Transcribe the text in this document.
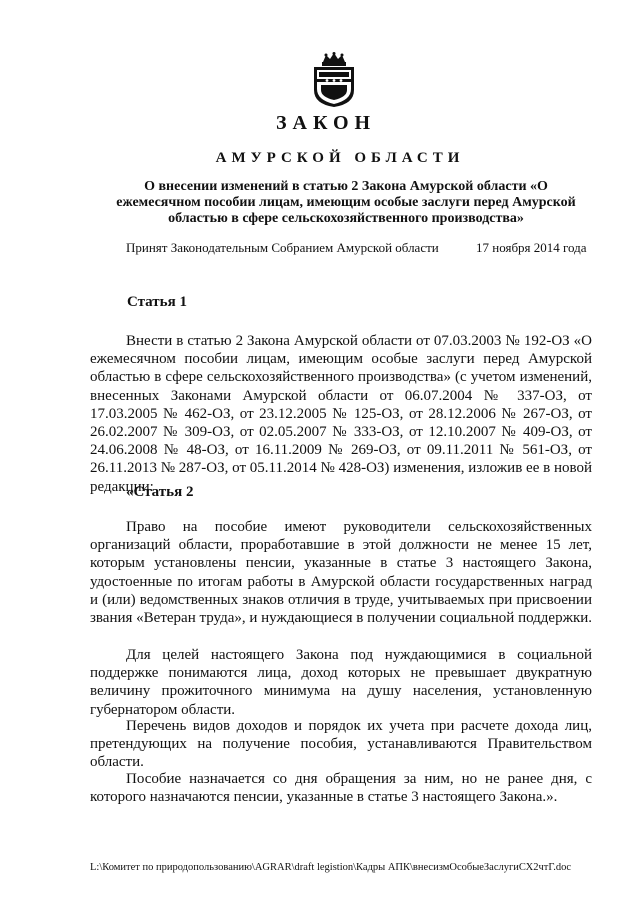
ЗАКОН
АМУРСКОЙ ОБЛАСТИ
О внесении изменений в статью 2 Закона Амурской области «О ежемесячном пособии лицам, имеющим особые заслуги перед Амурской областью в сфере сельскохозяйственного производства»
Принят Законодательным Собранием Амурской области	17 ноября 2014 года
Статья 1
Внести в статью 2 Закона Амурской области от 07.03.2003 № 192-ОЗ «О ежемесячном пособии лицам, имеющим особые заслуги перед Амурской областью в сфере сельскохозяйственного производства» (с учетом изменений, внесенных Законами Амурской области от 06.07.2004 № 337-ОЗ, от 17.03.2005 № 462-ОЗ, от 23.12.2005 № 125-ОЗ, от 28.12.2006 № 267-ОЗ, от 26.02.2007 № 309-ОЗ, от 02.05.2007 № 333-ОЗ, от 12.10.2007 № 409-ОЗ, от 24.06.2008 № 48-ОЗ, от 16.11.2009 № 269-ОЗ, от 09.11.2011 № 561-ОЗ, от 26.11.2013 № 287-ОЗ, от 05.11.2014 № 428-ОЗ) изменения, изложив ее в новой редакции:
«Статья 2
Право на пособие имеют руководители сельскохозяйственных организаций области, проработавшие в этой должности не менее 15 лет, которым установлены пенсии, указанные в статье 3 настоящего Закона, удостоенные по итогам работы в Амурской области государственных наград и (или) ведомственных знаков отличия в труде, учитываемых при присвоении звания «Ветеран труда», и нуждающиеся в получении социальной поддержки.
Для целей настоящего Закона под нуждающимися в социальной поддержке понимаются лица, доход которых не превышает двукратную величину прожиточного минимума на душу населения, установленную губернатором области.
Перечень видов доходов и порядок их учета при расчете дохода лиц, претендующих на получение пособия, устанавливаются Правительством области.
Пособие назначается со дня обращения за ним, но не ранее дня, с которого назначаются пенсии, указанные в статье 3 настоящего Закона.».
L:\Комитет по природопользованию\AGRAR\draft legistion\Кадры АПК\внесизмОсобыеЗаслугиСХ2чтГ.doc
